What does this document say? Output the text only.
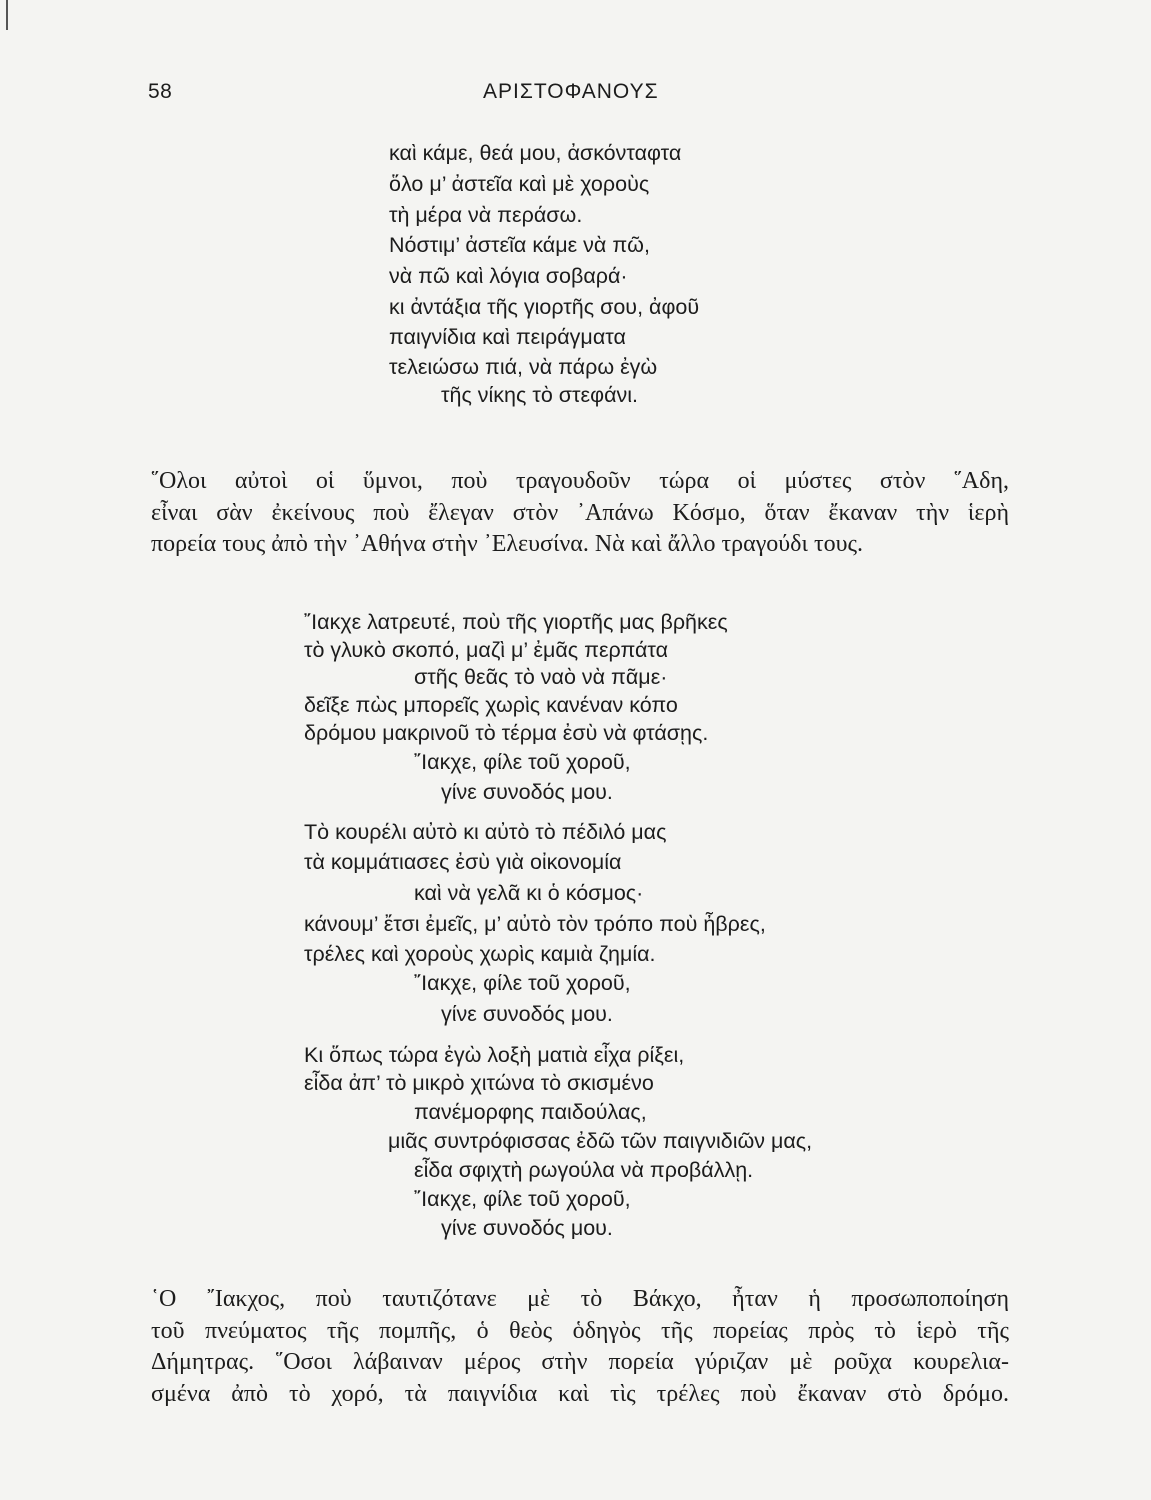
58	ΑΡΙΣΤΟΦΑΝΟΥΣ
καὶ κάμε, θεά μου, ἀσκόνταφτα
ὅλο μ’ ἀστεῖα καὶ μὲ χοροὺς
τὴ μέρα νὰ περάσω.
Νόστιμ’ ἀστεῖα κάμε νὰ πῶ,
νὰ πῶ καὶ λόγια σοβαρά·
κι ἀντάξια τῆς γιορτῆς σου, ἀφοῦ
παιγνίδια καὶ πειράγματα
τελειώσω πιά, νὰ πάρω ἐγὼ
τῆς νίκης τὸ στεφάνι.

῞Ολοι αὐτοὶ οἱ ὕμνοι, ποὺ τραγουδοῦν τώρα οἱ μύστες στὸν ῞Αδη,

εἶναι σὰν ἐκείνους ποὺ ἔλεγαν στὸν ᾿Απάνω Κόσμο, ὅταν ἔκαναν τὴν ἱερὴ

πορεία τους ἀπὸ τὴν ᾿Αθήνα στὴν ᾿Ελευσίνα. Νὰ καὶ ἄλλο τραγούδι τους.

῎Ιακχε λατρευτέ, ποὺ τῆς γιορτῆς μας βρῆκες
τὸ γλυκὸ σκοπό, μαζὶ μ’ ἐμᾶς περπάτα
στῆς θεᾶς τὸ ναὸ νὰ πᾶμε·
δεῖξε πὼς μπορεῖς χωρὶς κανέναν κόπο
δρόμου μακρινοῦ τὸ τέρμα ἐσὺ νὰ φτάσῃς.
῎Ιακχε, φίλε τοῦ χοροῦ,
γίνε συνοδός μου.
Τὸ κουρέλι αὐτὸ κι αὐτὸ τὸ πέδιλό μας
τὰ κομμάτιασες ἐσὺ γιὰ οἰκονομία
καὶ νὰ γελᾶ κι ὁ κόσμος·
κάνουμ’ ἔτσι ἐμεῖς, μ’ αὐτὸ τὸν τρόπο ποὺ ἦβρες,
τρέλες καὶ χοροὺς χωρὶς καμιὰ ζημία.
῎Ιακχε, φίλε τοῦ χοροῦ,
γίνε συνοδός μου.
Κι ὅπως τώρα ἐγὼ λοξὴ ματιὰ εἶχα ρίξει,
εἶδα ἀπ’ τὸ μικρὸ χιτώνα τὸ σκισμένο
πανέμορφης παιδούλας,
μιᾶς συντρόφισσας ἐδῶ τῶν παιγνιδιῶν μας,
εἶδα σφιχτὴ ρωγούλα νὰ προβάλλῃ.
῎Ιακχε, φίλε τοῦ χοροῦ,
γίνε συνοδός μου.

῾Ο ῎Ιακχος, ποὺ ταυτιζότανε μὲ τὸ Βάκχο, ἦταν ἡ προσωποποίηση

τοῦ πνεύματος τῆς πομπῆς, ὁ θεὸς ὁδηγὸς τῆς πορείας πρὸς τὸ ἱερὸ τῆς

Δήμητρας. ῞Οσοι λάβαιναν μέρος στὴν πορεία γύριζαν μὲ ροῦχα κουρελια-

σμένα ἀπὸ τὸ χορό, τὰ παιγνίδια καὶ τὶς τρέλες ποὺ ἔκαναν στὸ δρόμο.
